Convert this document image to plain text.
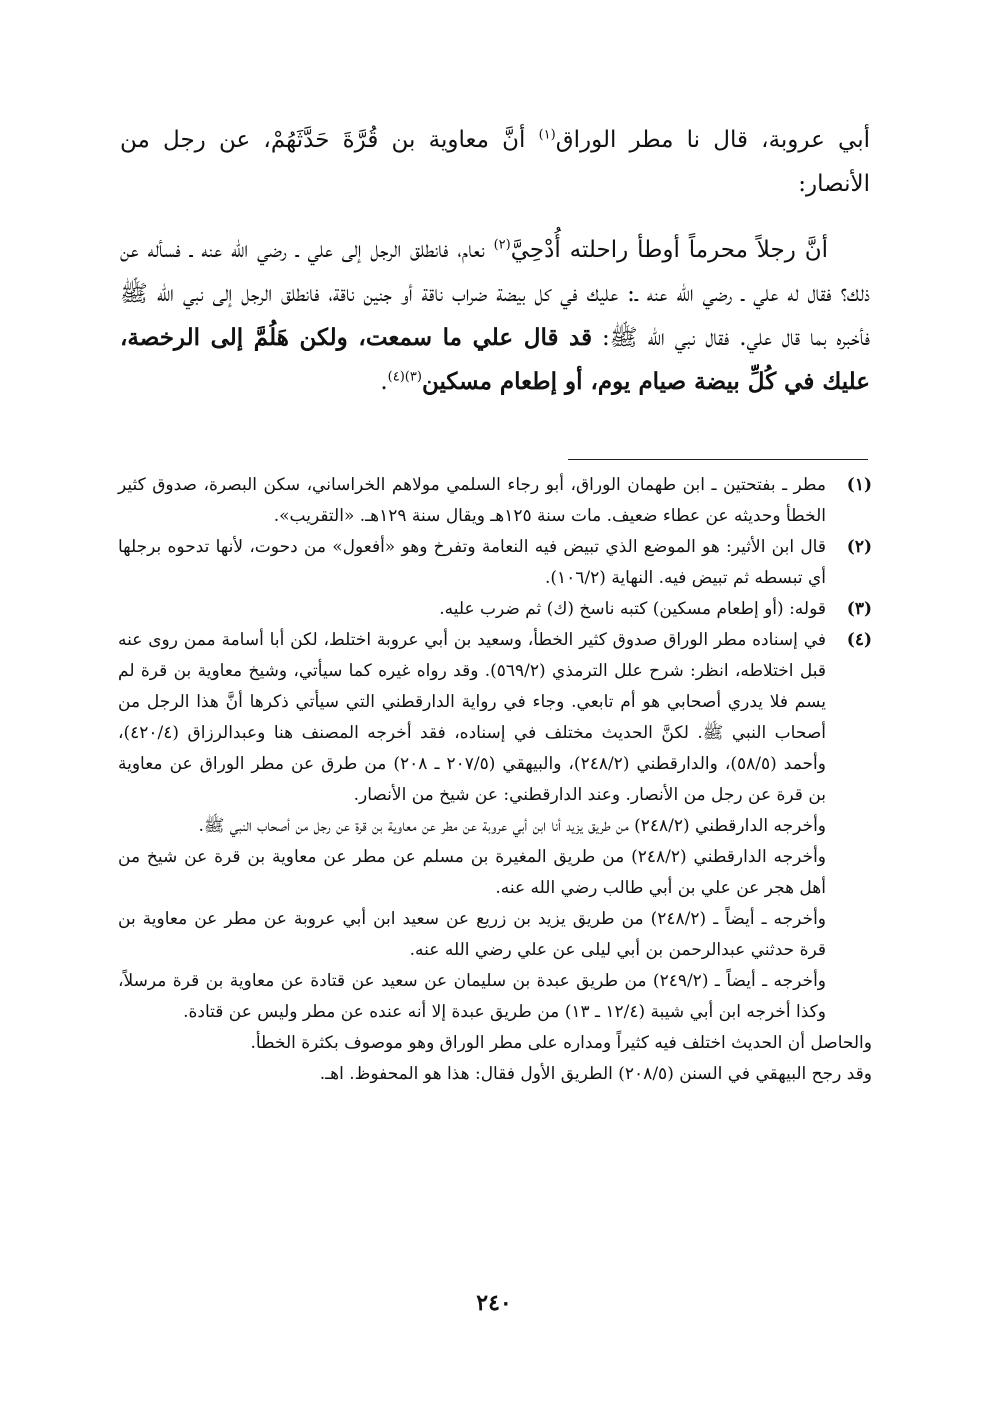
أبي عروبة، قال نا مطر الوراق$^{(١)}$ أنَّ معاوية بن قُرَّةَ حَدَّثَهُمْ، عن رجل من الأنصار:

أنَّ رجلاً محرماً أوطأ راحلته أُدْحِيَّ$^{(٢)}$ نعام، فانطلق الرجل إلى علي ـ رضي الله عنه ـ فسأله عن ذلك؟ فقال له علي ـ رضي الله عنه ـ: عليك في كل بيضة ضراب ناقة أو جنين ناقة، فانطلق الرجل إلى نبي الله ﷺ فأخبره بما قال علي. فقال نبي الله ﷺ: قد قال علي ما سمعت، ولكن هَلُمَّ إلى الرخصة، عليك في كُلِّ بيضة صيام يوم، أو إطعام مسكين$^{(٣)(٤)}$.

(١)

مطر ـ بفتحتين ـ ابن طهمان الوراق، أبو رجاء السلمي مولاهم الخراساني، سكن البصرة، صدوق كثير الخطأ وحديثه عن عطاء ضعيف. مات سنة ١٢٥هـ ويقال سنة ١٢٩هـ. «التقريب».

(٢)

قال ابن الأثير: هو الموضع الذي تبيض فيه النعامة وتفرخ وهو «أفعول» من دحوت، لأنها تدحوه برجلها أي تبسطه ثم تبيض فيه. النهاية (١٠٦/٢).

(٣)

قوله: (أو إطعام مسكين) كتبه ناسخ (ك) ثم ضرب عليه.

(٤)

في إسناده مطر الوراق صدوق كثير الخطأ، وسعيد بن أبي عروبة اختلط، لكن أبا أسامة ممن روى عنه قبل اختلاطه، انظر: شرح علل الترمذي (٥٦٩/٢). وقد رواه غيره كما سيأتي، وشيخ معاوية بن قرة لم يسم فلا يدري أصحابي هو أم تابعي. وجاء في رواية الدارقطني التي سيأتي ذكرها أنَّ هذا الرجل من أصحاب النبي ﷺ. لكنَّ الحديث مختلف في إسناده، فقد أخرجه المصنف هنا وعبدالرزاق (٤٢٠/٤)، وأحمد (٥٨/٥)، والدارقطني (٢٤٨/٢)، والبيهقي (٢٠٧/٥ ـ ٢٠٨) من طرق عن مطر الوراق عن معاوية بن قرة عن رجل من الأنصار. وعند الدارقطني: عن شيخ من الأنصار.

وأخرجه الدارقطني (٢٤٨/٢) من طريق يزيد أنا ابن أبي عروبة عن مطر عن معاوية بن قرة عن رجل من أصحاب النبي ﷺ.

وأخرجه الدارقطني (٢٤٨/٢) من طريق المغيرة بن مسلم عن مطر عن معاوية بن قرة عن شيخ من أهل هجر عن علي بن أبي طالب رضي الله عنه.

وأخرجه ـ أيضاً ـ (٢٤٨/٢) من طريق يزيد بن زريع عن سعيد ابن أبي عروبة عن مطر عن معاوية بن قرة حدثني عبدالرحمن بن أبي ليلى عن علي رضي الله عنه.

وأخرجه ـ أيضاً ـ (٢٤٩/٢) من طريق عبدة بن سليمان عن سعيد عن قتادة عن معاوية بن قرة مرسلاً، وكذا أخرجه ابن أبي شيبة (١٢/٤ ـ ١٣) من طريق عبدة إلا أنه عنده عن مطر وليس عن قتادة.

والحاصل أن الحديث اختلف فيه كثيراً ومداره على مطر الوراق وهو موصوف بكثرة الخطأ.

وقد رجح البيهقي في السنن (٢٠٨/٥) الطريق الأول فقال: هذا هو المحفوظ. اهـ.

٢٤٠
